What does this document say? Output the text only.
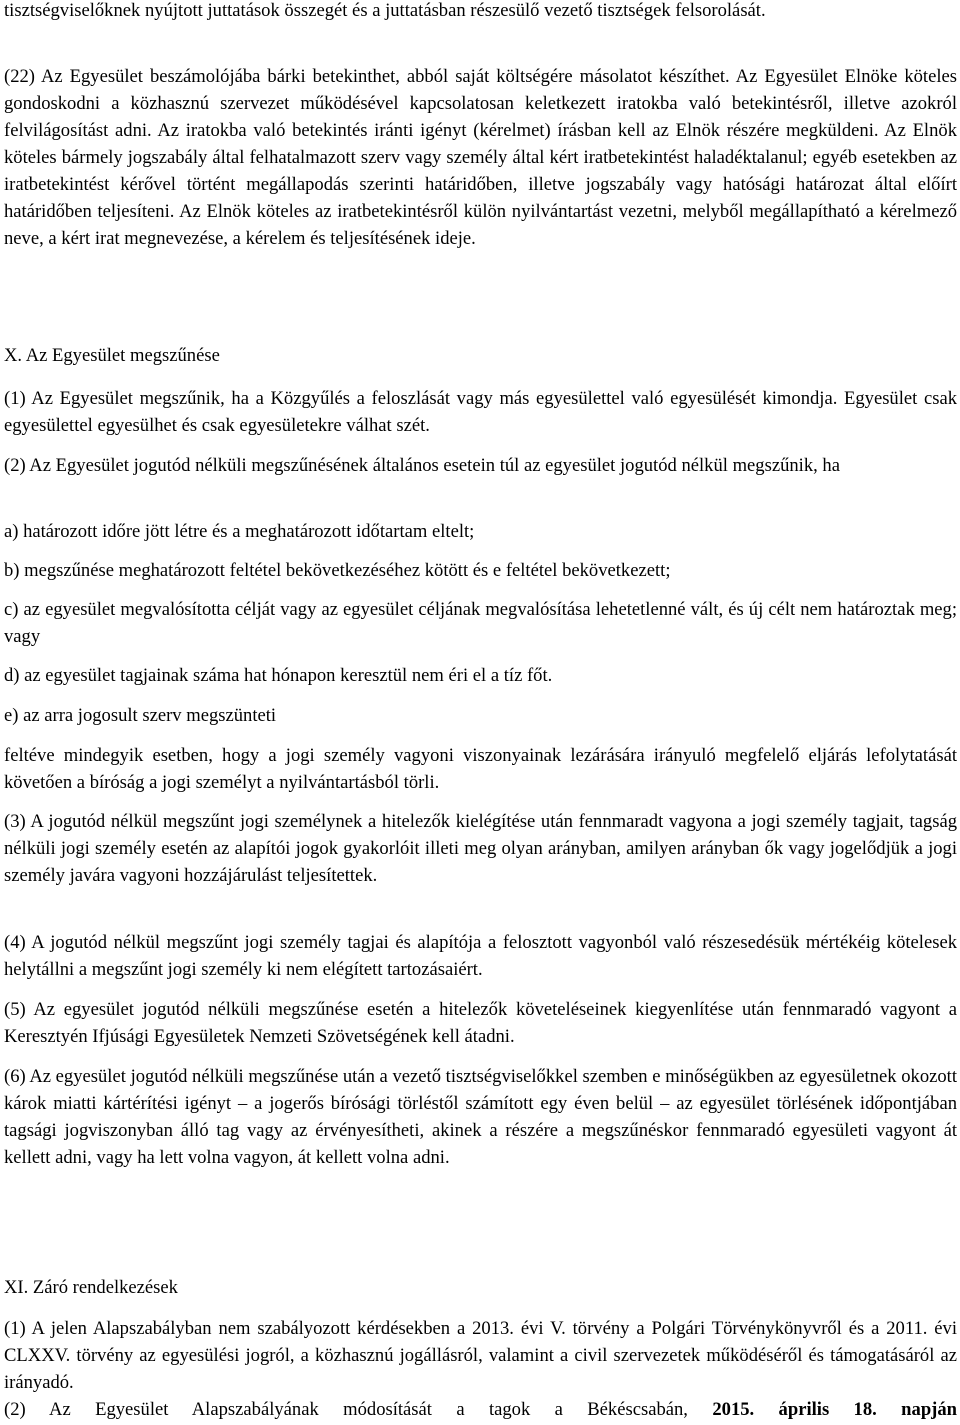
tisztségviselőknek nyújtott juttatások összegét és a juttatásban részesülő vezető tisztségek felsorolását.

(22) Az Egyesület beszámolójába bárki betekinthet, abból saját költségére másolatot készíthet. Az Egyesület Elnöke köteles gondoskodni a közhasznú szervezet működésével kapcsolatosan keletkezett iratokba való betekintésről, illetve azokról felvilágosítást adni. Az iratokba való betekintés iránti igényt (kérelmet) írásban kell az Elnök részére megküldeni. Az Elnök köteles bármely jogszabály által felhatalmazott szerv vagy személy által kért iratbetekintést haladéktalanul; egyéb esetekben az iratbetekintést kérővel történt megállapodás szerinti határidőben, illetve jogszabály vagy hatósági határozat által előírt határidőben teljesíteni. Az Elnök köteles az iratbetekintésről külön nyilvántartást vezetni, melyből megállapítható a kérelmező neve, a kért irat megnevezése, a kérelem és teljesítésének ideje.

X. Az Egyesület megszűnése

(1) Az Egyesület megszűnik, ha a Közgyűlés a feloszlását vagy más egyesülettel való egyesülését kimondja. Egyesület csak egyesülettel egyesülhet és csak egyesületekre válhat szét.

(2) Az Egyesület jogutód nélküli megszűnésének általános esetein túl az egyesület jogutód nélkül megszűnik, ha

a) határozott időre jött létre és a meghatározott időtartam eltelt;

b) megszűnése meghatározott feltétel bekövetkezéséhez kötött és e feltétel bekövetkezett;

c) az egyesület megvalósította célját vagy az egyesület céljának megvalósítása lehetetlenné vált, és új célt nem határoztak meg; vagy

d) az egyesület tagjainak száma hat hónapon keresztül nem éri el a tíz főt.

e) az arra jogosult szerv megszünteti

feltéve mindegyik esetben, hogy a jogi személy vagyoni viszonyainak lezárására irányuló megfelelő eljárás lefolytatását követően a bíróság a jogi személyt a nyilvántartásból törli.

(3) A jogutód nélkül megszűnt jogi személynek a hitelezők kielégítése után fennmaradt vagyona a jogi személy tagjait, tagság nélküli jogi személy esetén az alapítói jogok gyakorlóit illeti meg olyan arányban, amilyen arányban ők vagy jogelődjük a jogi személy javára vagyoni hozzájárulást teljesítettek.

(4) A jogutód nélkül megszűnt jogi személy tagjai és alapítója a felosztott vagyonból való részesedésük mértékéig kötelesek helytállni a megszűnt jogi személy ki nem elégített tartozásaiért.

(5) Az egyesület jogutód nélküli megszűnése esetén a hitelezők követeléseinek kiegyenlítése után fennmaradó vagyont a Keresztyén Ifjúsági Egyesületek Nemzeti Szövetségének kell átadni.

(6) Az egyesület jogutód nélküli megszűnése után a vezető tisztségviselőkkel szemben e minőségükben az egyesületnek okozott károk miatti kártérítési igényt – a jogerős bírósági törléstől számított egy éven belül – az egyesület törlésének időpontjában tagsági jogviszonyban álló tag vagy az érvényesítheti, akinek a részére a megszűnéskor fennmaradó egyesületi vagyont át kellett adni, vagy ha lett volna vagyon, át kellett volna adni.

XI. Záró rendelkezések

(1) A jelen Alapszabályban nem szabályozott kérdésekben a 2013. évi V. törvény a Polgári Törvénykönyvről és a 2011. évi CLXXV. törvény az egyesülési jogról, a közhasznú jogállásról, valamint a civil szervezetek működéséről és támogatásáról az irányadó.

(2) Az Egyesület Alapszabályának módosítását a tagok a Békéscsabán, 2015. április 18. napján
